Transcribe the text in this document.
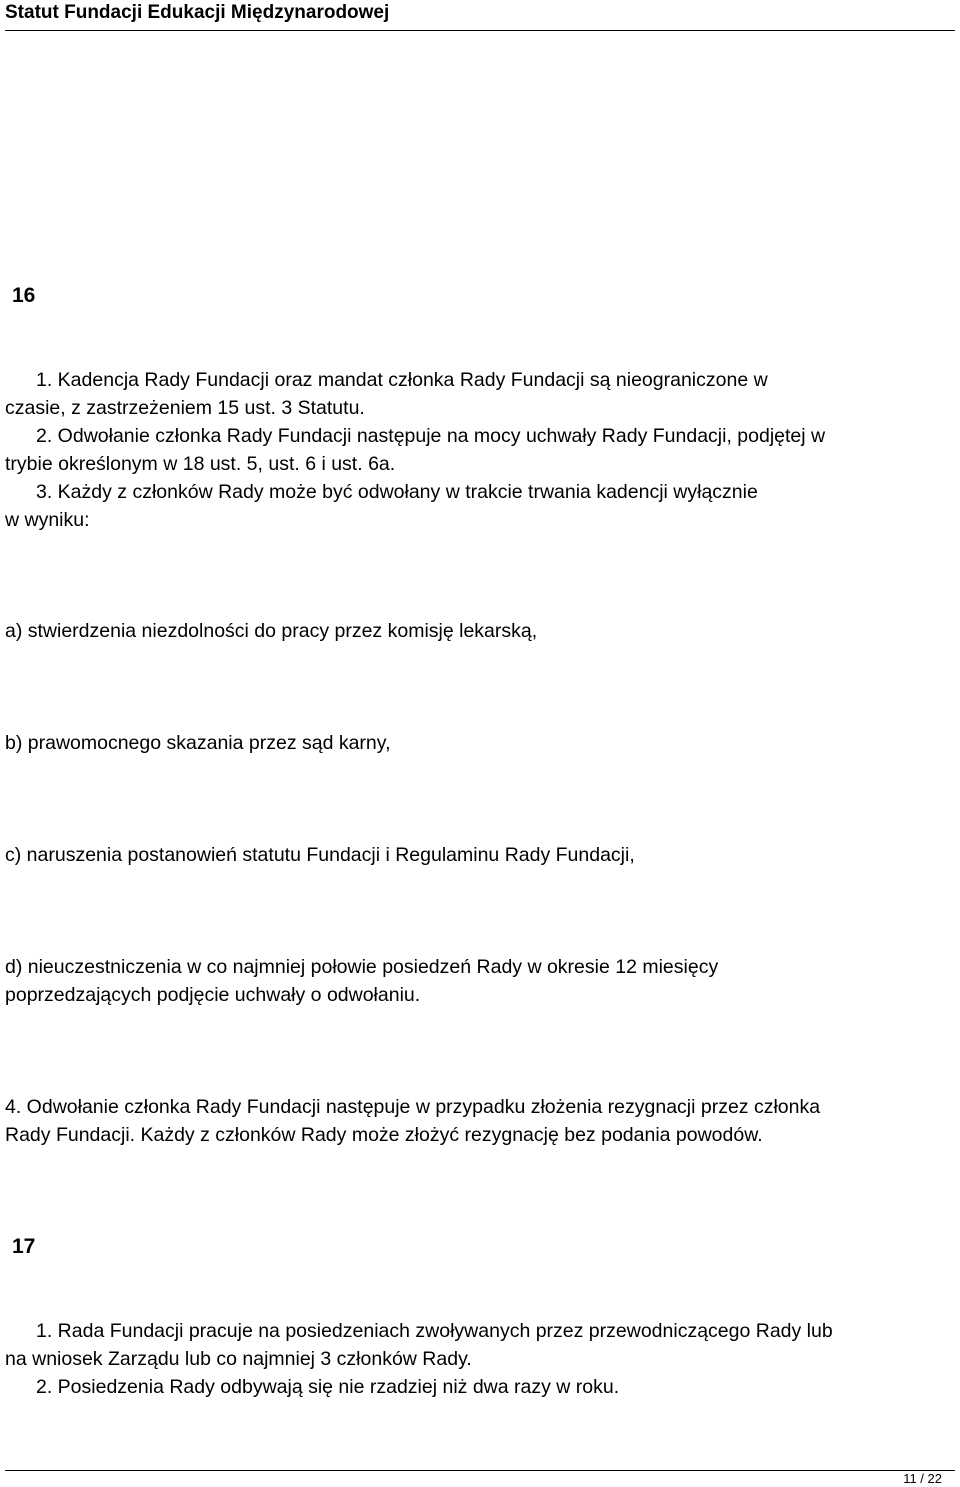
Statut Fundacji Edukacji Międzynarodowej
16
1. Kadencja Rady Fundacji oraz mandat członka Rady Fundacji są nieograniczone w
czasie, z zastrzeżeniem 15 ust. 3 Statutu.
2. Odwołanie członka Rady Fundacji następuje na mocy uchwały Rady Fundacji, podjętej w
trybie określonym w 18 ust. 5, ust. 6 i ust. 6a.
3. Każdy z członków Rady może być odwołany w trakcie trwania kadencji wyłącznie
w wyniku:
a) stwierdzenia niezdolności do pracy przez komisję lekarską,
b) prawomocnego skazania przez sąd karny,
c) naruszenia postanowień statutu Fundacji i Regulaminu Rady Fundacji,
d) nieuczestniczenia w co najmniej połowie posiedzeń Rady w okresie 12 miesięcy
poprzedzających podjęcie uchwały o odwołaniu.
4. Odwołanie członka Rady Fundacji następuje w przypadku złożenia rezygnacji przez członka
Rady Fundacji. Każdy z członków Rady może złożyć rezygnację bez podania powodów.
17
1. Rada Fundacji pracuje na posiedzeniach zwoływanych przez przewodniczącego Rady lub
na wniosek Zarządu lub co najmniej 3 członków Rady.
2. Posiedzenia Rady odbywają się nie rzadziej niż dwa razy w roku.
11 / 22
